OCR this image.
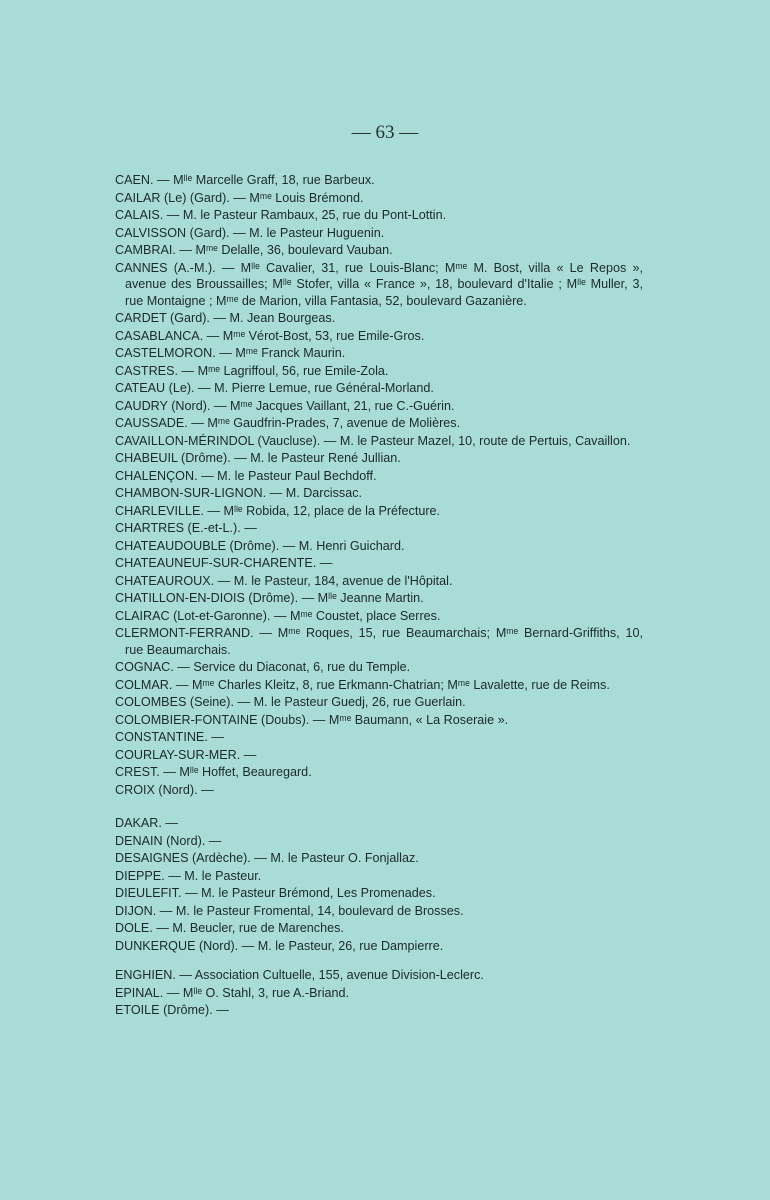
— 63 —
CAEN. — Mˡˡᵉ Marcelle Graff, 18, rue Barbeux.
CAILAR (Le) (Gard). — Mᵐᵉ Louis Brémond.
CALAIS. — M. le Pasteur Rambaux, 25, rue du Pont-Lottin.
CALVISSON (Gard). — M. le Pasteur Huguenin.
CAMBRAI. — Mᵐᵉ Delalle, 36, boulevard Vauban.
CANNES (A.-M.). — Mˡˡᵉ Cavalier, 31, rue Louis-Blanc; Mᵐᵉ M. Bost, villa « Le Repos », avenue des Broussailles; Mˡˡᵉ Stofer, villa « France », 18, boulevard d'Italie ; Mˡˡᵉ Muller, 3, rue Montaigne ; Mᵐᵉ de Marion, villa Fantasia, 52, boulevard Gazanière.
CARDET (Gard). — M. Jean Bourgeas.
CASABLANCA. — Mᵐᵉ Vérot-Bost, 53, rue Emile-Gros.
CASTELMORON. — Mᵐᵉ Franck Maurin.
CASTRES. — Mᵐᵉ Lagriffoul, 56, rue Emile-Zola.
CATEAU (Le). — M. Pierre Lemue, rue Général-Morland.
CAUDRY (Nord). — Mᵐᵉ Jacques Vaillant, 21, rue C.-Guérin.
CAUSSADE. — Mᵐᵉ Gaudfrin-Prades, 7, avenue de Molières.
CAVAILLON-MÉRINDOL (Vaucluse). — M. le Pasteur Mazel, 10, route de Pertuis, Cavaillon.
CHABEUIL (Drôme). — M. le Pasteur René Jullian.
CHALENÇON. — M. le Pasteur Paul Bechdoff.
CHAMBON-SUR-LIGNON. — M. Darcissac.
CHARLEVILLE. — Mˡˡᵉ Robida, 12, place de la Préfecture.
CHARTRES (E.-et-L.). —
CHATEAUDOUBLE (Drôme). — M. Henri Guichard.
CHATEAUNEUF-SUR-CHARENTE. —
CHATEAUROUX. — M. le Pasteur, 184, avenue de l'Hôpital.
CHATILLON-EN-DIOIS (Drôme). — Mˡˡᵉ Jeanne Martin.
CLAIRAC (Lot-et-Garonne). — Mᵐᵉ Coustet, place Serres.
CLERMONT-FERRAND. — Mᵐᵉ Roques, 15, rue Beaumarchais; Mᵐᵉ Bernard-Griffiths, 10, rue Beaumarchais.
COGNAC. — Service du Diaconat, 6, rue du Temple.
COLMAR. — Mᵐᵉ Charles Kleitz, 8, rue Erkmann-Chatrian; Mᵐᵉ Lavalette, rue de Reims.
COLOMBES (Seine). — M. le Pasteur Guedj, 26, rue Guerlain.
COLOMBIER-FONTAINE (Doubs). — Mᵐᵉ Baumann, « La Roseraie ».
CONSTANTINE. —
COURLAY-SUR-MER. —
CREST. — Mˡˡᵉ Hoffet, Beauregard.
CROIX (Nord). —
DAKAR. —
DENAIN (Nord). —
DESAIGNES (Ardèche). — M. le Pasteur O. Fonjallaz.
DIEPPE. — M. le Pasteur.
DIEULEFIT. — M. le Pasteur Brémond, Les Promenades.
DIJON. — M. le Pasteur Fromental, 14, boulevard de Brosses.
DOLE. — M. Beucler, rue de Marenches.
DUNKERQUE (Nord). — M. le Pasteur, 26, rue Dampierre.
ENGHIEN. — Association Cultuelle, 155, avenue Division-Leclerc.
EPINAL. — Mˡˡᵉ O. Stahl, 3, rue A.-Briand.
ETOILE (Drôme). —
